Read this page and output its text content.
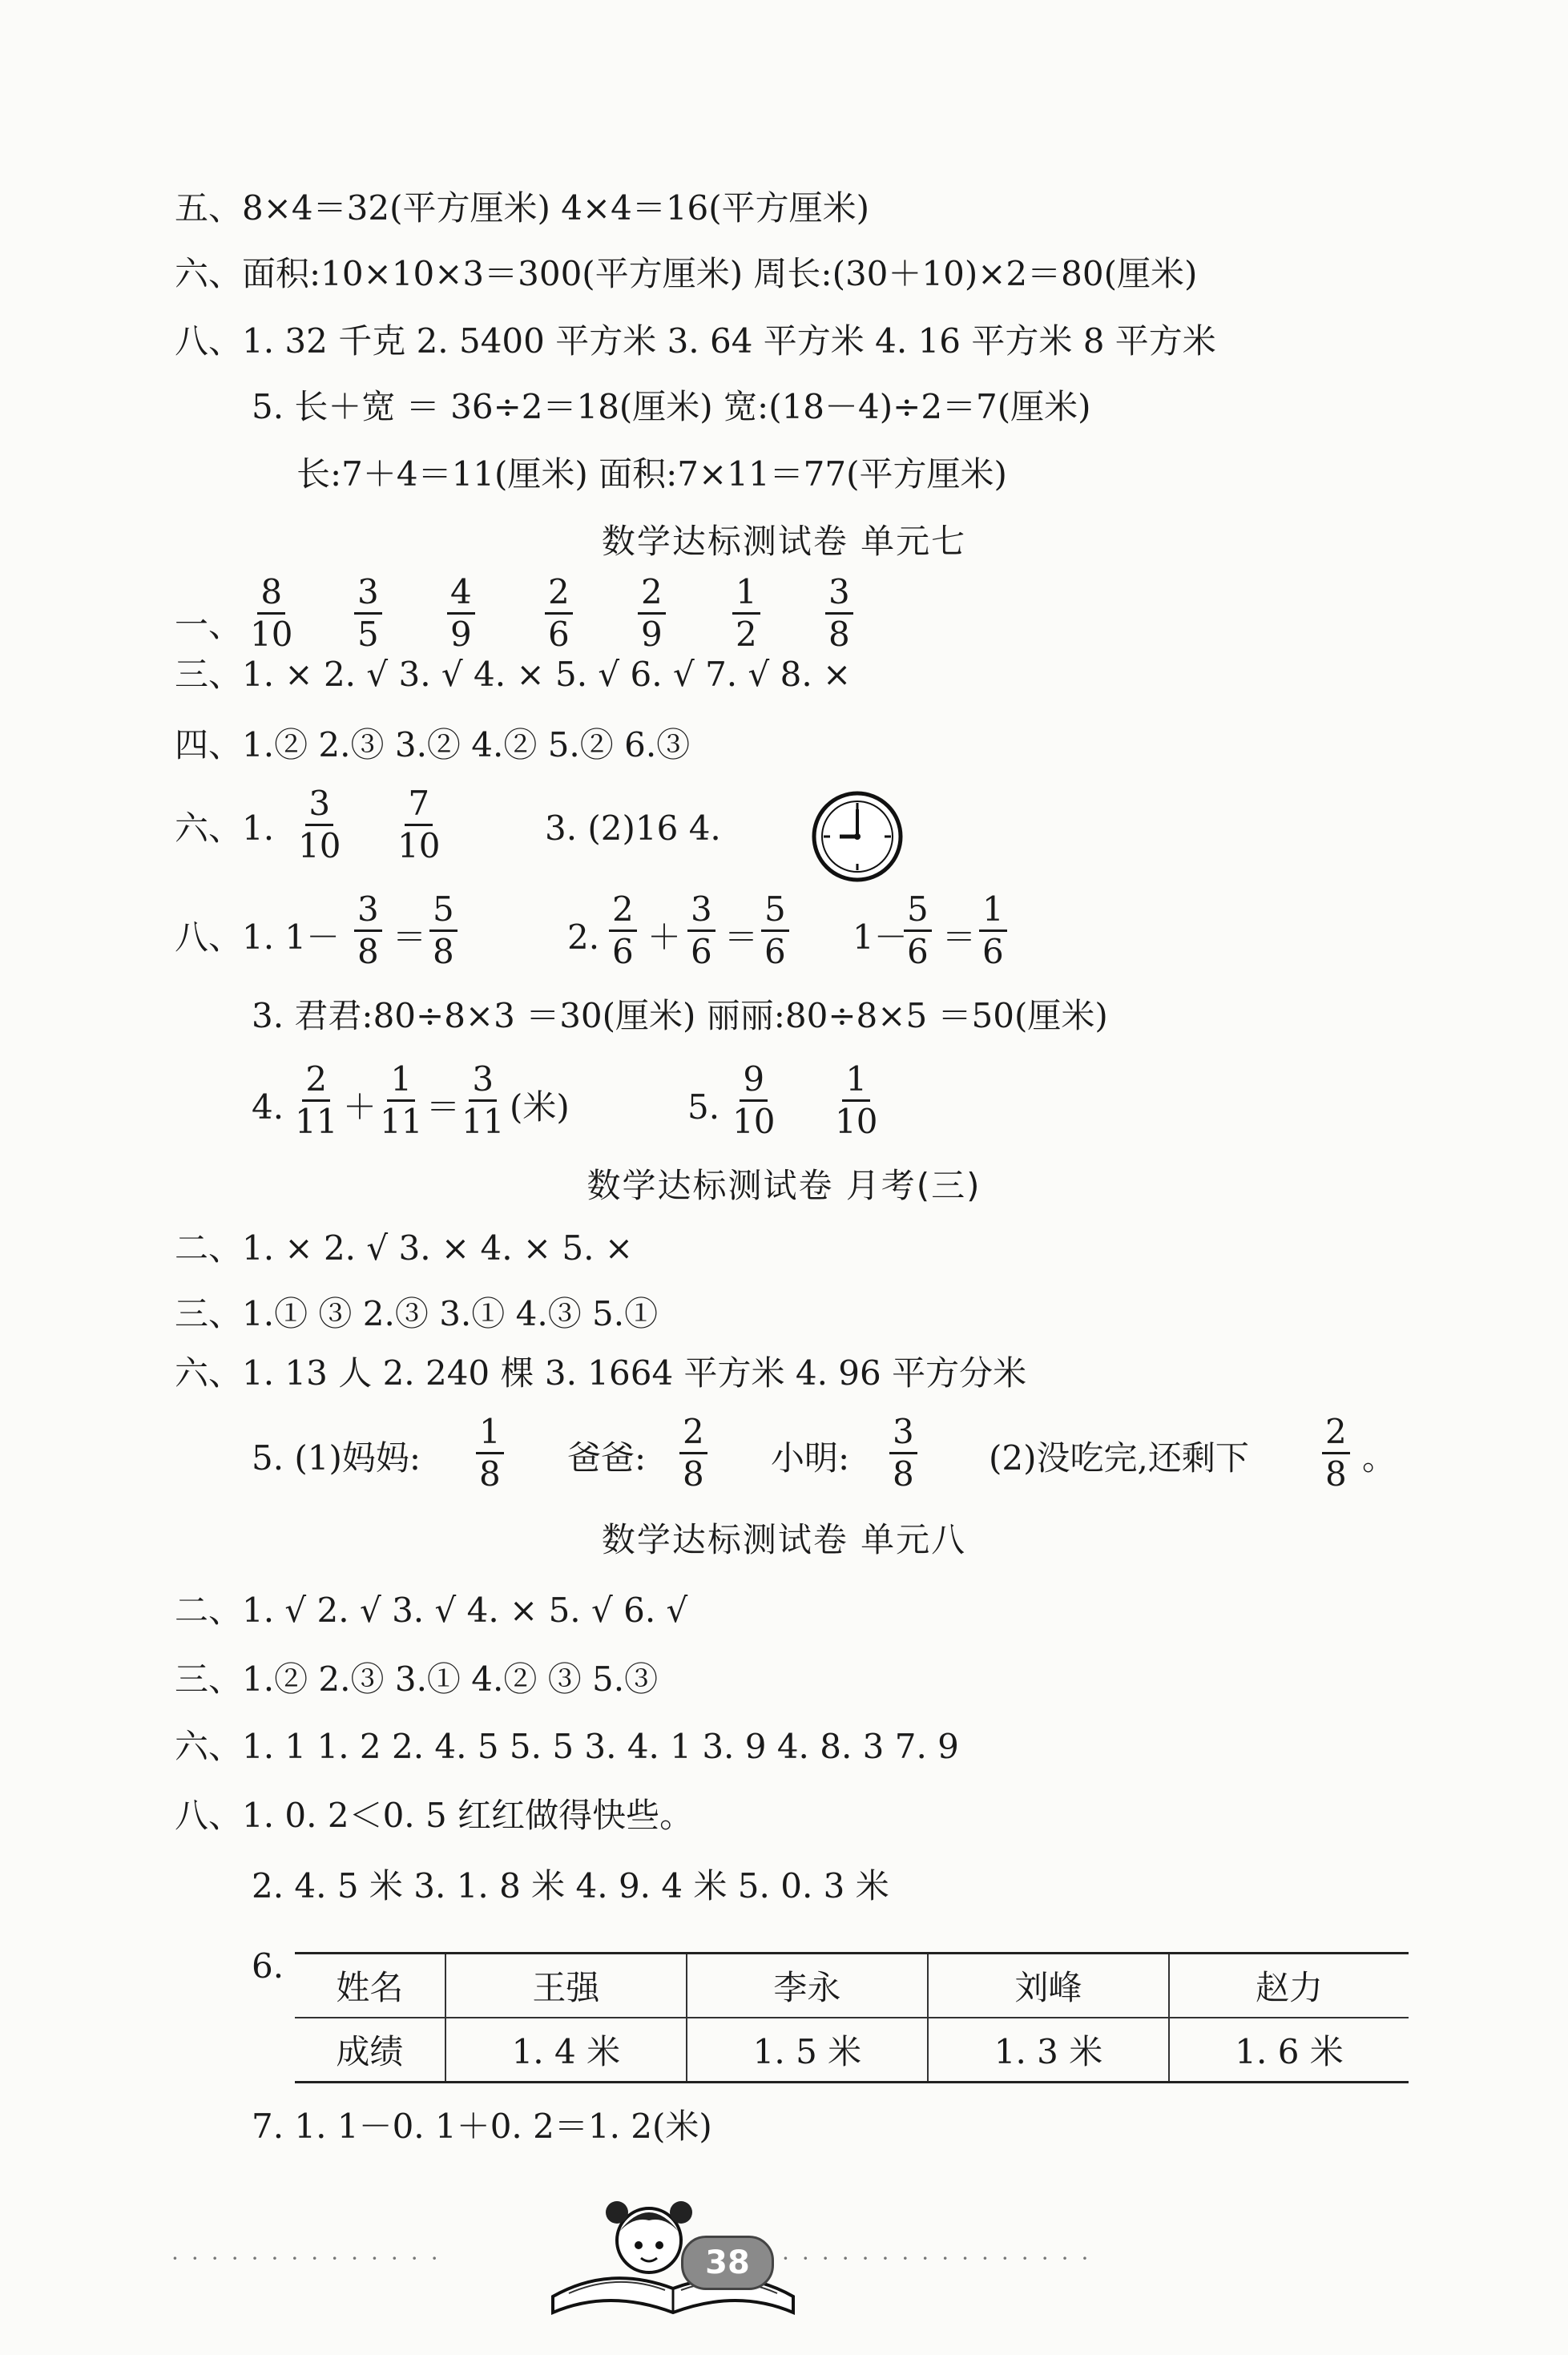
五、8×4＝32(平方厘米) 4×4＝16(平方厘米)
六、面积:10×10×3＝300(平方厘米) 周长:(30＋10)×2＝80(厘米)
八、1. 32 千克 2. 5400 平方米 3. 64 平方米 4. 16 平方米 8 平方米
5. 长＋宽 ＝ 36÷2＝18(厘米) 宽:(18－4)÷2＝7(厘米)
长:7＋4＝11(厘米) 面积:7×11＝77(平方厘米)
数学达标测试卷 单元七
一、 $\frac{8}{10} \frac{3}{5} \frac{4}{9} \frac{2}{6} \frac{2}{9} \frac{1}{2} \frac{3}{8}$
三、1. × 2. √ 3. √ 4. × 5. √ 6. √ 7. √ 8. ×
四、1.② 2.③ 3.② 4.② 5.② 6.③
六、1. $\frac{3}{10} \frac{7}{10}$	3. (2)16 4.
八、1. $1- \frac{3}{8} = \frac{5}{8}$	2. $\frac{2}{6} + \frac{3}{6} = \frac{5}{6} 1-$
$\frac{5}{6} = \frac{1}{6}$
3. 君君:80÷8×3 ＝30(厘米) 丽丽:80÷8×5 ＝50(厘米)
4. $\frac{2}{11} + \frac{1}{11} = \frac{3}{11}$ (米)	5. $\frac{9}{10} \frac{1}{10}$
数学达标测试卷 月考(三)
二、1. × 2. √ 3. × 4. × 5. ×
三、1.① ③ 2.③ 3.① 4.③ 5.①
六、1. 13 人 2. 240 棵 3. 1664 平方米 4. 96 平方分米
5. (1)妈妈: $\frac{1}{8}$ 爸爸: $\frac{2}{8}$ 小明: $\frac{3}{8} (2)$没吃完,还剩下 $\frac{2}{8}$ 。
数学达标测试卷 单元八
二、1. √ 2. √ 3. √ 4. × 5. √ 6. √
三、1.② 2.③ 3.① 4.② ③ 5.③
六、1. 1 1. 2 2. 4. 5 5. 5 3. 4. 1 3. 9 4. 8. 3 7. 9
八、1. 0. 2＜0. 5 红红做得快些。
2. 4. 5 米 3. 1. 8 米 4. 9. 4 米 5. 0. 3 米
6.
姓名	王强	李永	刘峰	赵力
成绩	1. 4 米	1. 5 米	1. 3 米	1. 6 米
7. 1. 1－0. 1＋0. 2＝1. 2(米)
··············	················
38
